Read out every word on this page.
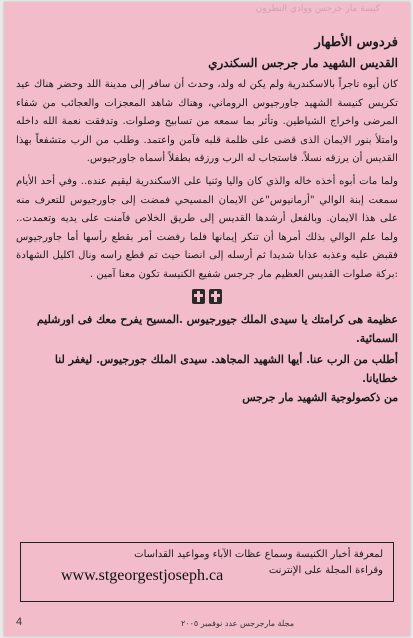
كيسة مار جرجس ووادي النطرون
فردوس الأطهار
القديس الشهيد مار جرجس السكندري

كان أبوه تاجراً بالاسكندرية ولم يكن له ولد، وحدث أن سافر إلى مدينة اللد وحضر هناك عيد تكريس كنيسة الشهيد جاورجيوس الروماني، وهناك شاهد المعجزات والعجائب من شفاء المرضى واخراج الشياطين. وتأثر بما سمعه من تسابيح وصلوات. وتدفقت نعمة الله داخله وامتلأ بنور الايمان الذى قضى على ظلمة قلبه فآمن واعتمد. وطلب من الرب متشفعاً بهذا القديس أن يرزقه نسلاً. فاستجاب له الرب ورزقه بطفلاً أسماه جاورجيوس.

ولما مات أبوه أخذه خاله والذي كان واليا وثنيا على الاسكندرية ليقيم عنده.. وفي أحد الأيام سمعت إبنة الوالي "أرمانيوس"عن الايمان المسيحي فمضت إلى جاورجيوس للتعرف منه على هذا الايمان. وبالفعل أرشدها القديس إلى طريق الخلاص فآمنت على يديه وتعمدت.. ولما علم الوالي بذلك أمرها أن تنكر إيمانها فلما رفضت أمر بقطع رأسها أما جاورجيوس فقبض عليه وعذبه عذابا شديدا ثم أرسله إلى انصنا حيث تم قطع راسه ونال اكليل الشهادة :بركة صلوات القديس العظيم مار جرجس شفيع الكنيسة تكون معنا آمين .

عظيمة هى كرامتك يا سيدى الملك جيورجيوس .المسيح يفرح معك فى اورشليم السمائية.

أطلب من الرب عنا. أيها الشهيد المجاهد. سيدى الملك جورجيوس. ليغفر لنا خطايانا.

من ذكصولوجية الشهيد مار جرجس
لمعرفة أخبار الكنيسة وسماع عظات الآباء ومواعيد القداسات
وقراءة المجلة على الإنترنت
www.stgeorgestjoseph.ca
4	مجلة مارجرجس عدد نوفمبر ٢٠٠٥
